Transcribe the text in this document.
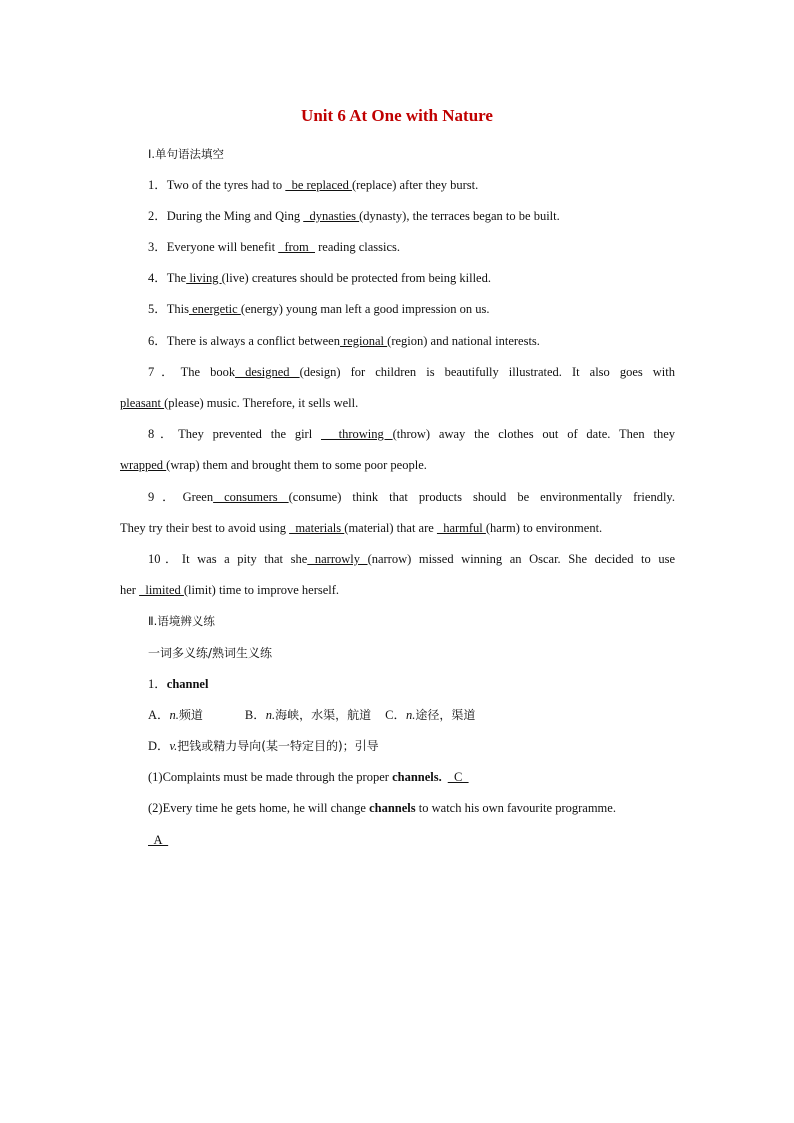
Unit 6 At One with Nature
Ⅰ.单句语法填空
1．Two of the tyres had to   be replaced (replace) after they burst.
2．During the Ming and Qing   dynasties (dynasty), the terraces began to be built.
3．Everyone will benefit   from   reading classics.
4．The living (live) creatures should be protected from being killed.
5．This energetic (energy) young man left a good impression on us.
6．There is always a conflict between regional (region) and national interests.
7．The book designed (design) for children is beautifully illustrated. It also goes with
pleasant (please) music. Therefore, it sells well.
8．They prevented the girl   throwing (throw) away the clothes out of date. Then they
wrapped (wrap) them and brought them to some poor people.
9．Green consumers (consume) think that products should be environmentally friendly.
They try their best to avoid using   materials (material) that are   harmful (harm) to environment.
10．It was a pity that she narrowly (narrow) missed winning an Oscar. She decided to use
her   limited (limit) time to improve herself.
Ⅱ.语境辨义练
一词多义练/熟词生义练
1．channel
A．n.频道	B．n.海峡，水渠，航道 C．n.途径，渠道
D．v.把钱或精力导向(某一特定目的)；引导
(1)Complaints must be made through the proper channels.  C
(2)Every time he gets home, he will change channels to watch his own favourite programme.
A
